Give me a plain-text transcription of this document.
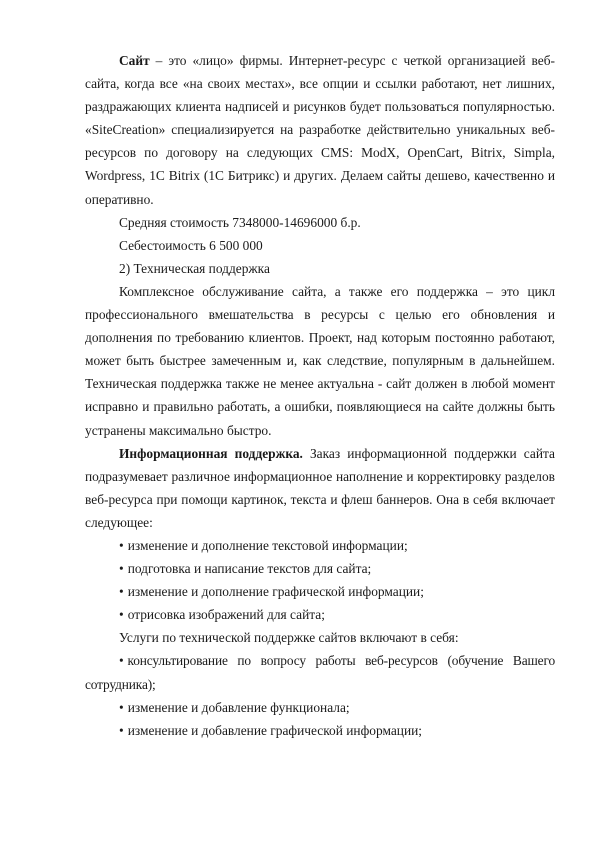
Сайт – это «лицо» фирмы. Интернет-ресурс с четкой организацией веб-сайта, когда все «на своих местах», все опции и ссылки работают, нет лишних, раздражающих клиента надписей и рисунков будет пользоваться популярностью. «SiteCreation» специализируется на разработке действительно уникальных веб-ресурсов по договору на следующих CMS: ModX, OpenCart, Bitrix, Simpla, Wordpress, 1С Bitrix (1С Битрикс) и других. Делаем сайты дешево, качественно и оперативно.

Средняя стоимость 7348000-14696000 б.р.

Себестоимость 6 500 000

2) Техническая поддержка

Комплексное обслуживание сайта, а также его поддержка – это цикл профессионального вмешательства в ресурсы с целью его обновления и дополнения по требованию клиентов. Проект, над которым постоянно работают, может быть быстрее замеченным и, как следствие, популярным в дальнейшем. Техническая поддержка также не менее актуальна - сайт должен в любой момент исправно и правильно работать, а ошибки, появляющиеся на сайте должны быть устранены максимально быстро.

Информационная поддержка. Заказ информационной поддержки сайта подразумевает различное информационное наполнение и корректировку разделов веб-ресурса при помощи картинок, текста и флеш баннеров. Она в себя включает следующее:

• изменение и дополнение текстовой информации;

• подготовка и написание текстов для сайта;

• изменение и дополнение графической информации;

• отрисовка изображений для сайта;

Услуги по технической поддержке сайтов включают в себя:

• консультирование по вопросу работы веб-ресурсов (обучение Вашего сотрудника);

• изменение и добавление функционала;

• изменение и добавление графической информации;
